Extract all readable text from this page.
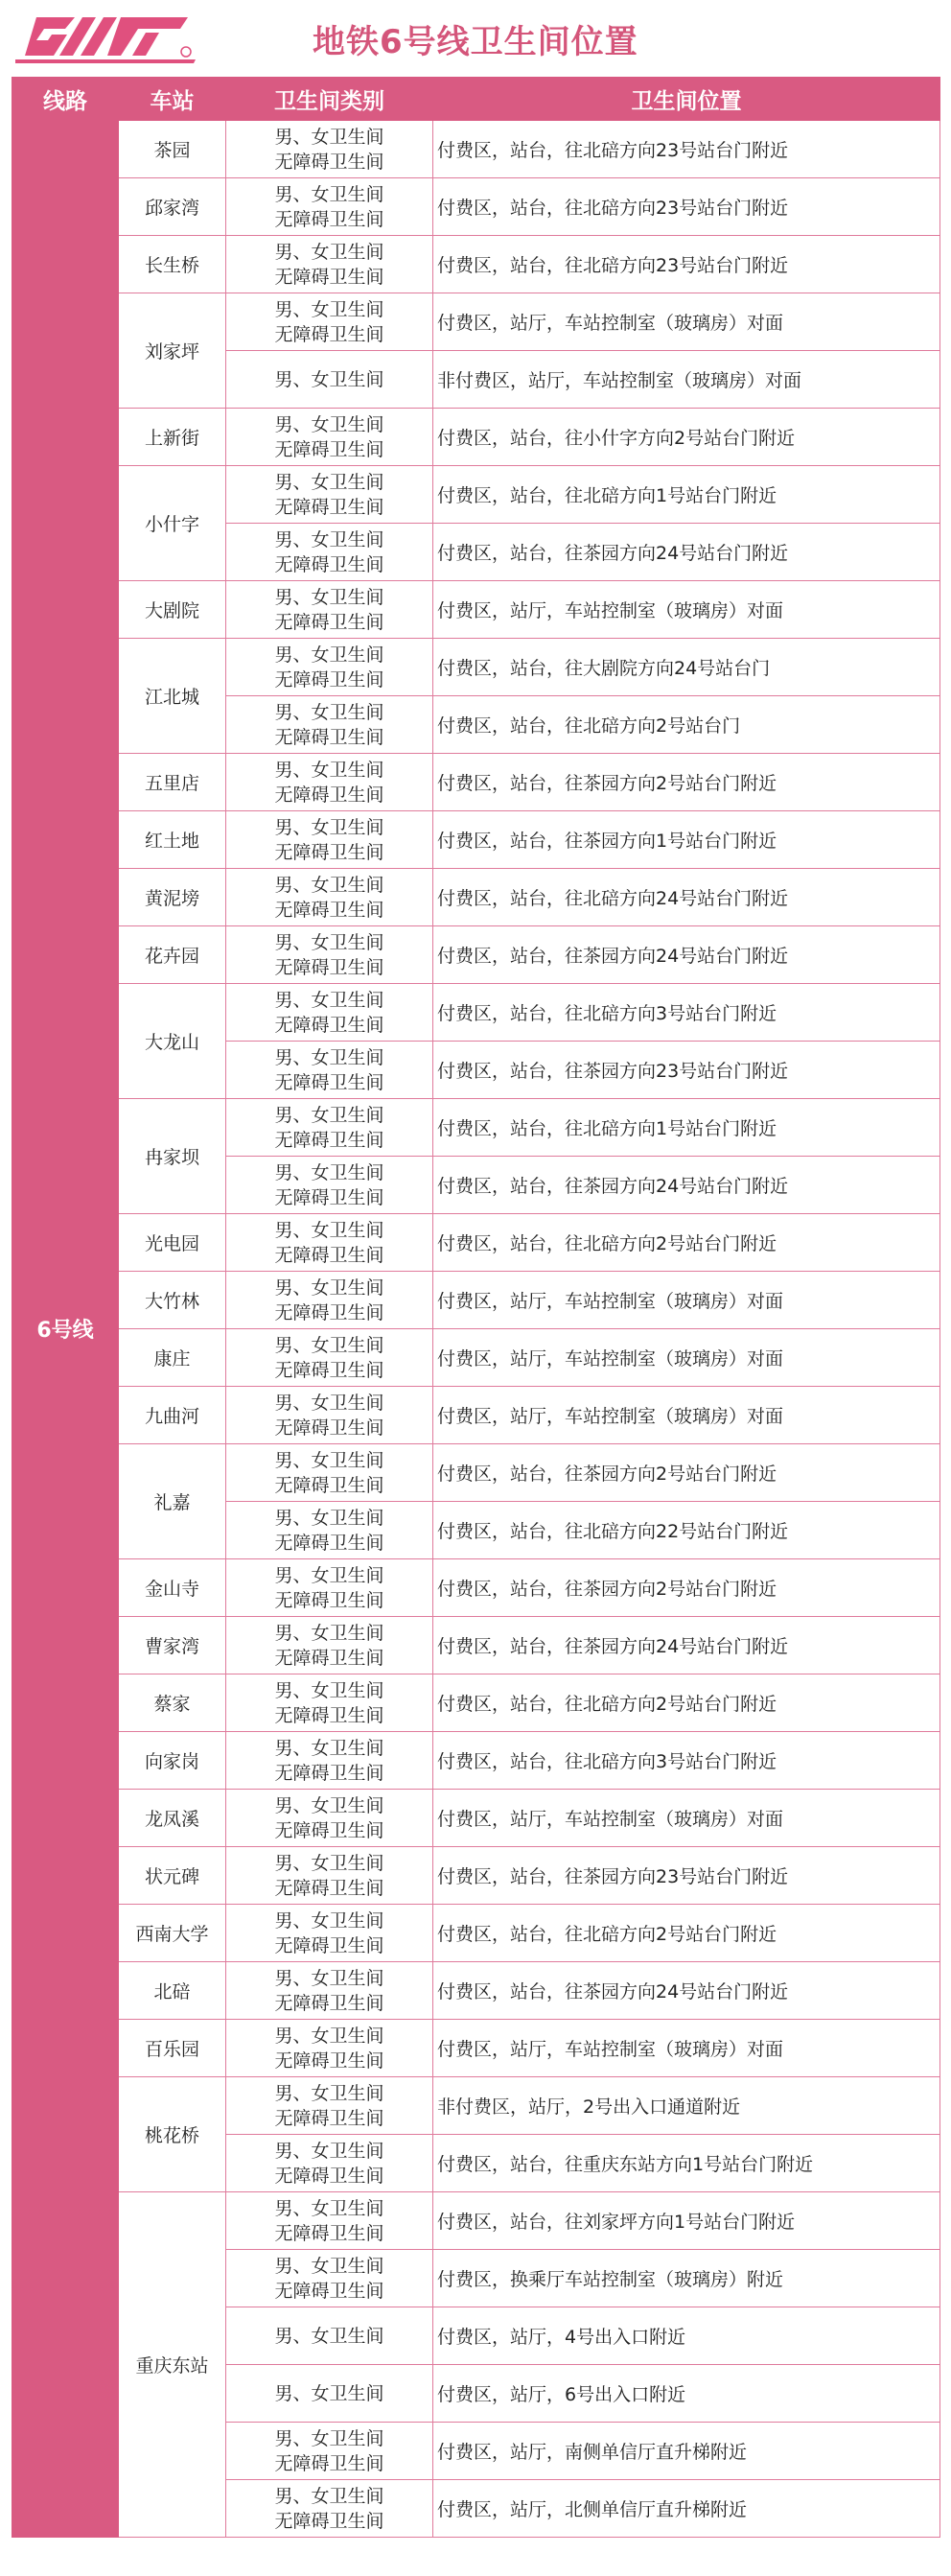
地铁6号线卫生间位置
线路	车站	卫生间类别	卫生间位置
6号线	茶园	男、女卫生间
无障碍卫生间	付费区，站台，往北碚方向23号站台门附近
	邱家湾	男、女卫生间
无障碍卫生间	付费区，站台，往北碚方向23号站台门附近
	长生桥	男、女卫生间
无障碍卫生间	付费区，站台，往北碚方向23号站台门附近
	刘家坪	男、女卫生间
无障碍卫生间	付费区，站厅，车站控制室（玻璃房）对面

		男、女卫生间	非付费区，站厅，车站控制室（玻璃房）对面
	上新街	男、女卫生间
无障碍卫生间	付费区，站台，往小什字方向2号站台门附近
	小什字	男、女卫生间
无障碍卫生间	付费区，站台，往北碚方向1号站台门附近

		男、女卫生间
无障碍卫生间	付费区，站台，往茶园方向24号站台门附近
	大剧院	男、女卫生间
无障碍卫生间	付费区，站厅，车站控制室（玻璃房）对面
	江北城	男、女卫生间
无障碍卫生间	付费区，站台，往大剧院方向24号站台门

		男、女卫生间
无障碍卫生间	付费区，站台，往北碚方向2号站台门
	五里店	男、女卫生间
无障碍卫生间	付费区，站台，往茶园方向2号站台门附近
	红土地	男、女卫生间
无障碍卫生间	付费区，站台，往茶园方向1号站台门附近
	黄泥塝	男、女卫生间
无障碍卫生间	付费区，站台，往北碚方向24号站台门附近
	花卉园	男、女卫生间
无障碍卫生间	付费区，站台，往茶园方向24号站台门附近
	大龙山	男、女卫生间
无障碍卫生间	付费区，站台，往北碚方向3号站台门附近

		男、女卫生间
无障碍卫生间	付费区，站台，往茶园方向23号站台门附近
	冉家坝	男、女卫生间
无障碍卫生间	付费区，站台，往北碚方向1号站台门附近

		男、女卫生间
无障碍卫生间	付费区，站台，往茶园方向24号站台门附近
	光电园	男、女卫生间
无障碍卫生间	付费区，站台，往北碚方向2号站台门附近
	大竹林	男、女卫生间
无障碍卫生间	付费区，站厅，车站控制室（玻璃房）对面
	康庄	男、女卫生间
无障碍卫生间	付费区，站厅，车站控制室（玻璃房）对面
	九曲河	男、女卫生间
无障碍卫生间	付费区，站厅，车站控制室（玻璃房）对面
	礼嘉	男、女卫生间
无障碍卫生间	付费区，站台，往茶园方向2号站台门附近

		男、女卫生间
无障碍卫生间	付费区，站台，往北碚方向22号站台门附近
	金山寺	男、女卫生间
无障碍卫生间	付费区，站台，往茶园方向2号站台门附近
	曹家湾	男、女卫生间
无障碍卫生间	付费区，站台，往茶园方向24号站台门附近
	蔡家	男、女卫生间
无障碍卫生间	付费区，站台，往北碚方向2号站台门附近
	向家岗	男、女卫生间
无障碍卫生间	付费区，站台，往北碚方向3号站台门附近
	龙凤溪	男、女卫生间
无障碍卫生间	付费区，站厅，车站控制室（玻璃房）对面
	状元碑	男、女卫生间
无障碍卫生间	付费区，站台，往茶园方向23号站台门附近
	西南大学	男、女卫生间
无障碍卫生间	付费区，站台，往北碚方向2号站台门附近
	北碚	男、女卫生间
无障碍卫生间	付费区，站台，往茶园方向24号站台门附近
	百乐园	男、女卫生间
无障碍卫生间	付费区，站厅，车站控制室（玻璃房）对面
	桃花桥	男、女卫生间
无障碍卫生间	非付费区，站厅，2号出入口通道附近

		男、女卫生间
无障碍卫生间	付费区，站台，往重庆东站方向1号站台门附近
	重庆东站	男、女卫生间
无障碍卫生间	付费区，站台，往刘家坪方向1号站台门附近

		男、女卫生间
无障碍卫生间	付费区，换乘厅车站控制室（玻璃房）附近

		男、女卫生间	付费区，站厅，4号出入口附近

		男、女卫生间	付费区，站厅，6号出入口附近

		男、女卫生间
无障碍卫生间	付费区，站厅，南侧单信厅直升梯附近

		男、女卫生间
无障碍卫生间	付费区，站厅，北侧单信厅直升梯附近
